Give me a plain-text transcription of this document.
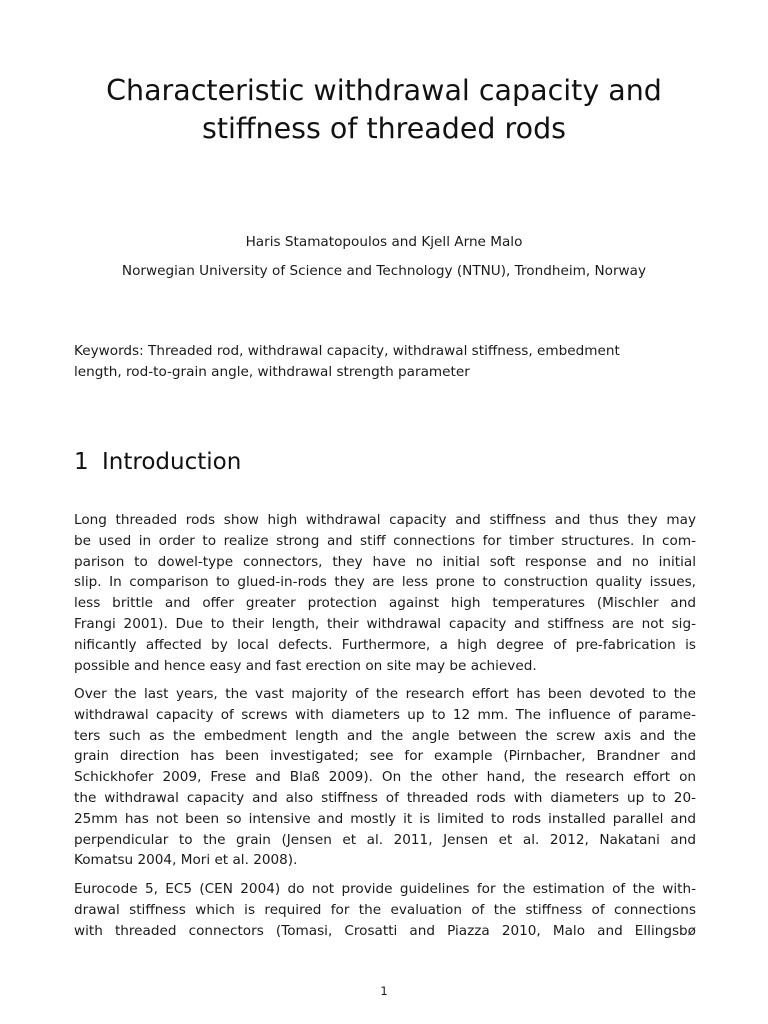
Characteristic withdrawal capacity and
stiffness of threaded rods
Haris Stamatopoulos and Kjell Arne Malo
Norwegian University of Science and Technology (NTNU), Trondheim, Norway
Keywords: Threaded rod, withdrawal capacity, withdrawal stiffness, embedment
length, rod-to-grain angle, withdrawal strength parameter
1 Introduction

Long threaded rods show high withdrawal capacity and stiffness and thus they may
be used in order to realize strong and stiff connections for timber structures. In com-
parison to dowel-type connectors, they have no initial soft response and no initial
slip. In comparison to glued-in-rods they are less prone to construction quality issues,
less brittle and offer greater protection against high temperatures (Mischler and
Frangi 2001). Due to their length, their withdrawal capacity and stiffness are not sig-
nificantly affected by local defects. Furthermore, a high degree of pre-fabrication is
possible and hence easy and fast erection on site may be achieved.

Over the last years, the vast majority of the research effort has been devoted to the
withdrawal capacity of screws with diameters up to 12 mm. The influence of parame-
ters such as the embedment length and the angle between the screw axis and the
grain direction has been investigated; see for example (Pirnbacher, Brandner and
Schickhofer 2009, Frese and Blaß 2009). On the other hand, the research effort on
the withdrawal capacity and also stiffness of threaded rods with diameters up to 20-
25mm has not been so intensive and mostly it is limited to rods installed parallel and
perpendicular to the grain (Jensen et al. 2011, Jensen et al. 2012, Nakatani and
Komatsu 2004, Mori et al. 2008).

Eurocode 5, EC5 (CEN 2004) do not provide guidelines for the estimation of the with-
drawal stiffness which is required for the evaluation of the stiffness of connections
with threaded connectors (Tomasi, Crosatti and Piazza 2010, Malo and Ellingsbø

1
